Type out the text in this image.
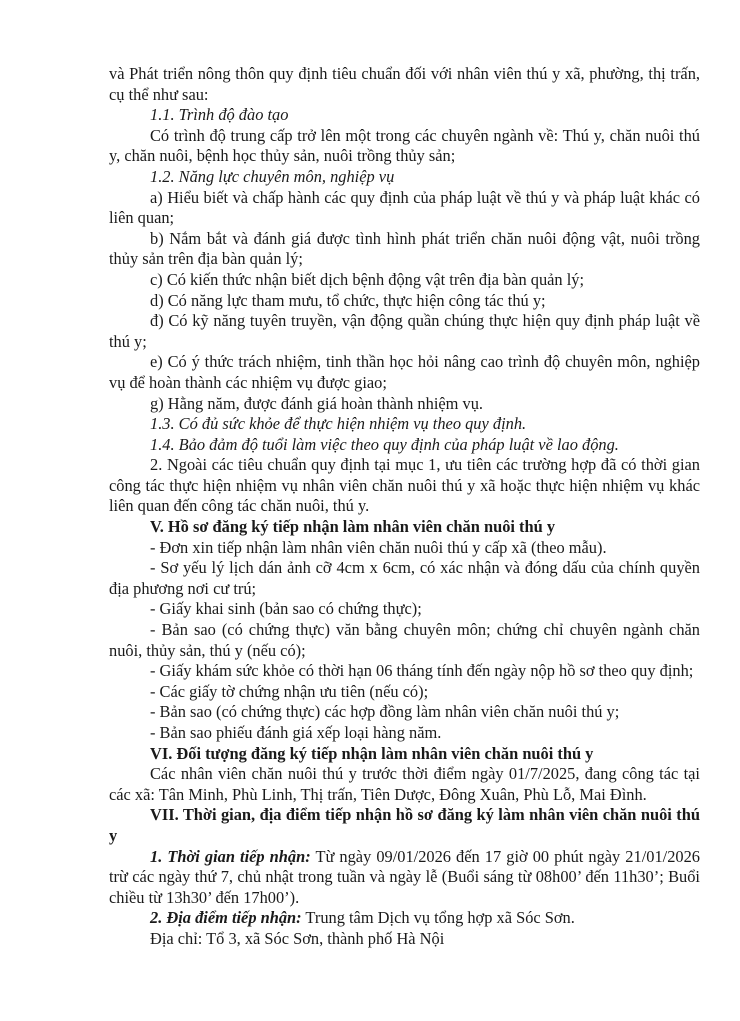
và Phát triển nông thôn quy định tiêu chuẩn đối với nhân viên thú y xã, phường, thị trấn, cụ thể như sau:

1.1. Trình độ đào tạo

Có trình độ trung cấp trở lên một trong các chuyên ngành về: Thú y, chăn nuôi thú y, chăn nuôi, bệnh học thủy sản, nuôi trồng thủy sản;

1.2. Năng lực chuyên môn, nghiệp vụ

a) Hiểu biết và chấp hành các quy định của pháp luật về thú y và pháp luật khác có liên quan;

b) Nắm bắt và đánh giá được tình hình phát triển chăn nuôi động vật, nuôi trồng thủy sản trên địa bàn quản lý;

c) Có kiến thức nhận biết dịch bệnh động vật trên địa bàn quản lý;

d) Có năng lực tham mưu, tổ chức, thực hiện công tác thú y;

đ) Có kỹ năng tuyên truyền, vận động quần chúng thực hiện quy định pháp luật về thú y;

e) Có ý thức trách nhiệm, tinh thần học hỏi nâng cao trình độ chuyên môn, nghiệp vụ để hoàn thành các nhiệm vụ được giao;

g) Hằng năm, được đánh giá hoàn thành nhiệm vụ.

1.3. Có đủ sức khỏe để thực hiện nhiệm vụ theo quy định.

1.4. Bảo đảm độ tuổi làm việc theo quy định của pháp luật về lao động.

2. Ngoài các tiêu chuẩn quy định tại mục 1, ưu tiên các trường hợp đã có thời gian công tác thực hiện nhiệm vụ nhân viên chăn nuôi thú y xã hoặc thực hiện nhiệm vụ khác liên quan đến công tác chăn nuôi, thú y.

V. Hồ sơ đăng ký tiếp nhận làm nhân viên chăn nuôi thú y

- Đơn xin tiếp nhận làm nhân viên chăn nuôi thú y cấp xã (theo mẫu).

- Sơ yếu lý lịch dán ảnh cỡ 4cm x 6cm, có xác nhận và đóng dấu của chính quyền địa phương nơi cư trú;

- Giấy khai sinh (bản sao có chứng thực);

- Bản sao (có chứng thực) văn bằng chuyên môn; chứng chỉ chuyên ngành chăn nuôi, thủy sản, thú y (nếu có);

- Giấy khám sức khỏe có thời hạn 06 tháng tính đến ngày nộp hồ sơ theo quy định;

- Các giấy tờ chứng nhận ưu tiên (nếu có);

- Bản sao (có chứng thực) các hợp đồng làm nhân viên chăn nuôi thú y;

- Bản sao phiếu đánh giá xếp loại hàng năm.

VI. Đối tượng đăng ký tiếp nhận làm nhân viên chăn nuôi thú y

Các nhân viên chăn nuôi thú y trước thời điểm ngày 01/7/2025, đang công tác tại các xã: Tân Minh, Phù Linh, Thị trấn, Tiên Dược, Đông Xuân, Phù Lỗ, Mai Đình.

VII. Thời gian, địa điểm tiếp nhận hồ sơ đăng ký làm nhân viên chăn nuôi thú y

1. Thời gian tiếp nhận: Từ ngày 09/01/2026 đến 17 giờ 00 phút ngày 21/01/2026 trừ các ngày thứ 7, chủ nhật trong tuần và ngày lễ (Buổi sáng từ 08h00’ đến 11h30’; Buổi chiều từ 13h30’ đến 17h00’).

2. Địa điểm tiếp nhận: Trung tâm Dịch vụ tổng hợp xã Sóc Sơn.

Địa chỉ: Tổ 3, xã Sóc Sơn, thành phố Hà Nội
